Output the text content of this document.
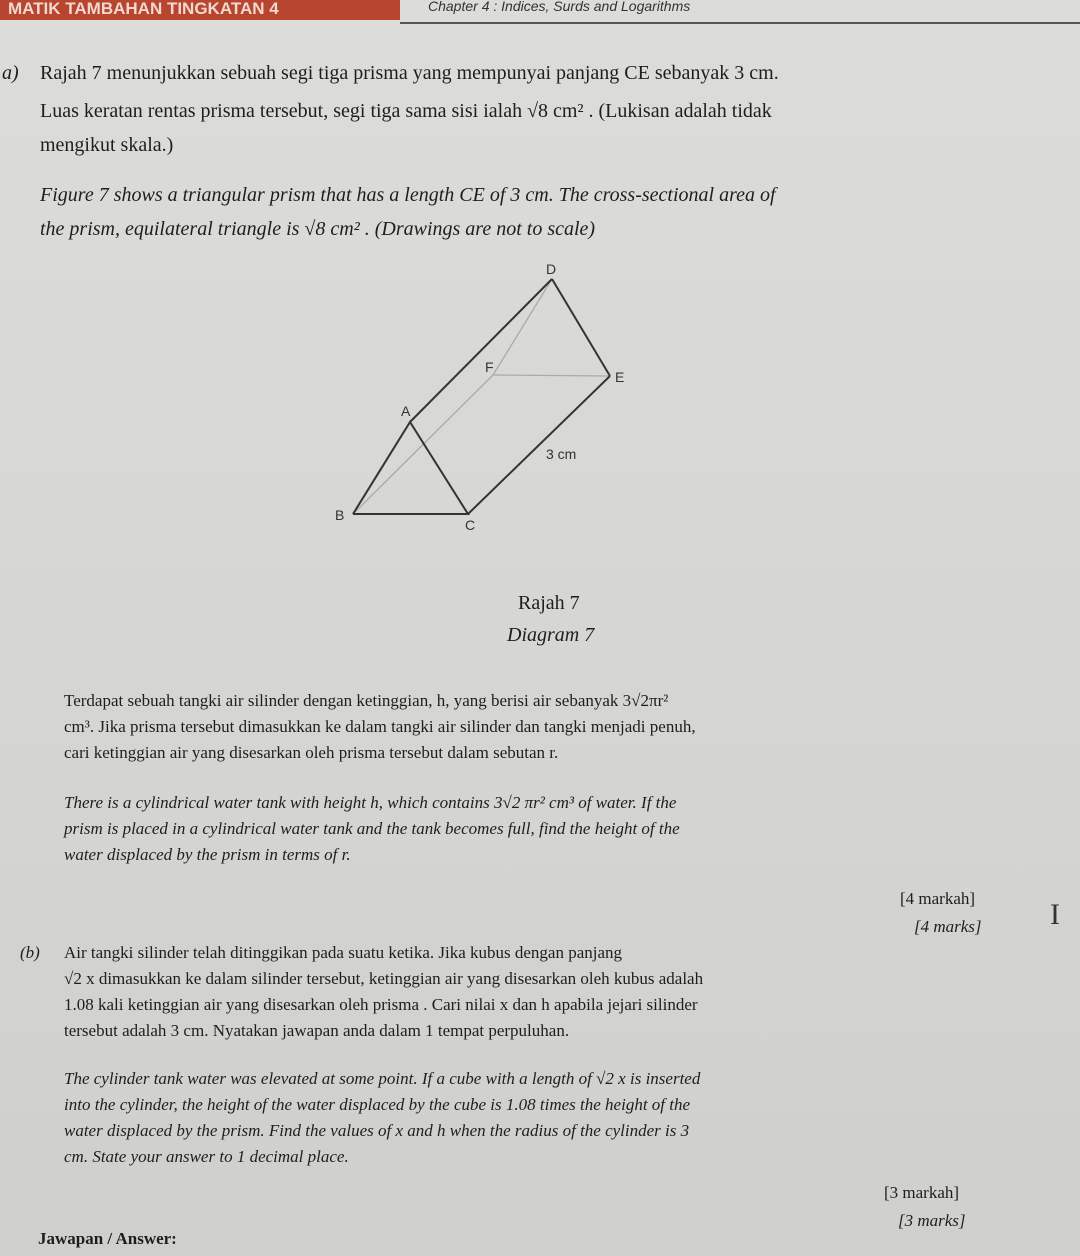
MATIK TAMBAHAN TINGKATAN 4	Chapter 4 : Indices, Surds and Logarithms
a) Rajah 7 menunjukkan sebuah segi tiga prisma yang mempunyai panjang CE sebanyak 3 cm.
Luas keratan rentas prisma tersebut, segi tiga sama sisi ialah √8 cm² . (Lukisan adalah tidak
mengikut skala.)
Figure 7 shows a triangular prism that has a length CE of 3 cm. The cross-sectional area of
the prism, equilateral triangle is √8 cm² . (Drawings are not to scale)
D
E
F
A
B
C
3 cm
Rajah 7
Diagram 7
Terdapat sebuah tangki air silinder dengan ketinggian, h, yang berisi air sebanyak 3√2πr²
cm³. Jika prisma tersebut dimasukkan ke dalam tangki air silinder dan tangki menjadi penuh,
cari ketinggian air yang disesarkan oleh prisma tersebut dalam sebutan r.
There is a cylindrical water tank with height h, which contains 3√2 πr² cm³ of water. If the
prism is placed in a cylindrical water tank and the tank becomes full, find the height of the
water displaced by the prism in terms of r.
[4 markah]
[4 marks] I
(b) Air tangki silinder telah ditinggikan pada suatu ketika. Jika kubus dengan panjang
√2 x dimasukkan ke dalam silinder tersebut, ketinggian air yang disesarkan oleh kubus adalah
1.08 kali ketinggian air yang disesarkan oleh prisma . Cari nilai x dan h apabila jejari silinder
tersebut adalah 3 cm. Nyatakan jawapan anda dalam 1 tempat perpuluhan.
The cylinder tank water was elevated at some point. If a cube with a length of √2 x is inserted
into the cylinder, the height of the water displaced by the cube is 1.08 times the height of the
water displaced by the prism. Find the values of x and h when the radius of the cylinder is 3
cm. State your answer to 1 decimal place.
[3 markah]
[3 marks]
Jawapan / Answer:
